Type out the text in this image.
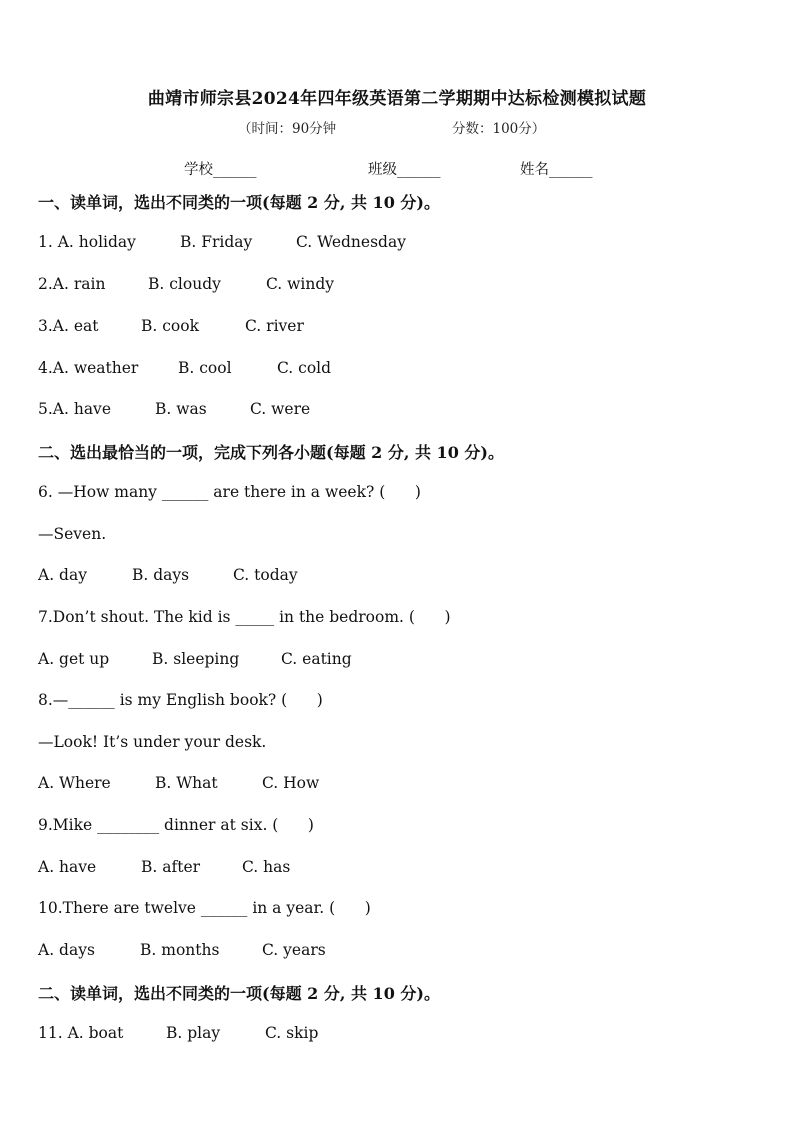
曲靖市师宗县2024年四年级英语第二学期期中达标检测模拟试题
（时间：90分钟	分数：100分）
学校______	班级______	姓名______
一、读单词，选出不同类的一项(每题 2 分, 共 10 分)。
1. A. holiday	B. Friday	C. Wednesday
2.A. rain	B. cloudy	C. windy
3.A. eat	B. cook	C. river
4.A. weather	B. cool	C. cold
5.A. have	B. was	C. were
二、选出最恰当的一项，完成下列各小题(每题 2 分, 共 10 分)。
6. —How many ______ are there in a week? (      )
—Seven.
A. day	B. days	C. today
7.Don’t shout. The kid is _____ in the bedroom. (      )
A. get up	B. sleeping	C. eating
8.—______ is my English book? (      )
—Look! It’s under your desk.
A. Where	B. What	C. How
9.Mike ________ dinner at six. (      )
A. have	B. after	C. has
10.There are twelve ______ in a year. (      )
A. days	B. months	C. years
二、读单词，选出不同类的一项(每题 2 分, 共 10 分)。
11. A. boat	B. play	C. skip
